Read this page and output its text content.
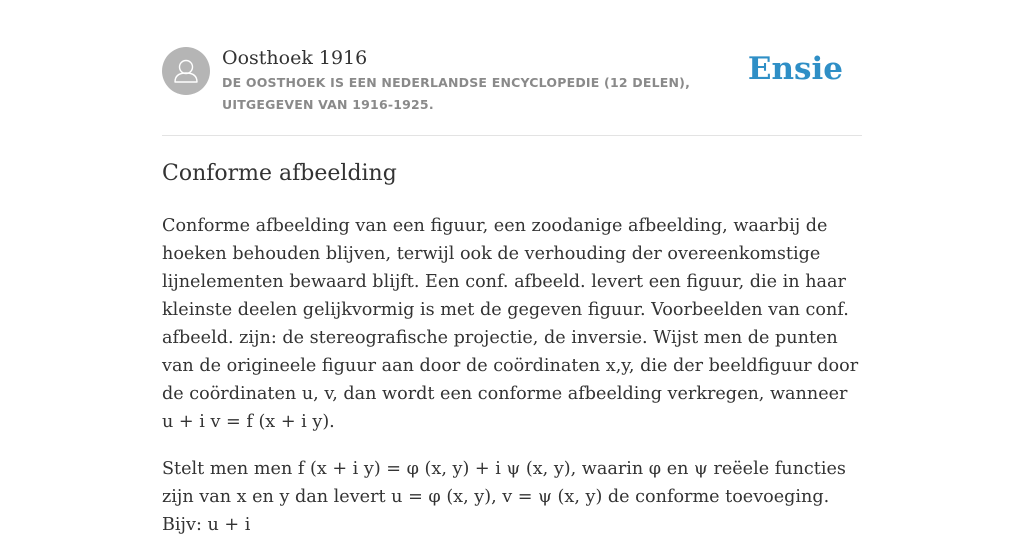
Oosthoek 1916
DE OOSTHOEK IS EEN NEDERLANDSE ENCYCLOPEDIE (12 DELEN), UITGEGEVEN VAN 1916-1925.
Ensie
Conforme afbeelding

Conforme afbeelding van een figuur, een zoodanige afbeelding, waarbij de hoeken behouden blijven, terwijl ook de verhouding der overeenkomstige lijnelementen bewaard blijft. Een conf. afbeeld. levert een figuur, die in haar kleinste deelen gelijkvormig is met de gegeven figuur. Voorbeelden van conf. afbeeld. zijn: de stereografische projectie, de inversie. Wijst men de punten van de origineele figuur aan door de coördinaten x,y, die der beeldfiguur door de coördinaten u, v, dan wordt een conforme afbeelding verkregen, wanneer u + i v = f (x + i y).

Stelt men men f (x + i y) = φ (x, y) + i ψ (x, y), waarin φ en ψ reëele functies zijn van x en y dan levert u = φ (x, y), v = ψ (x, y) de conforme toevoeging. Bijv: u + i
